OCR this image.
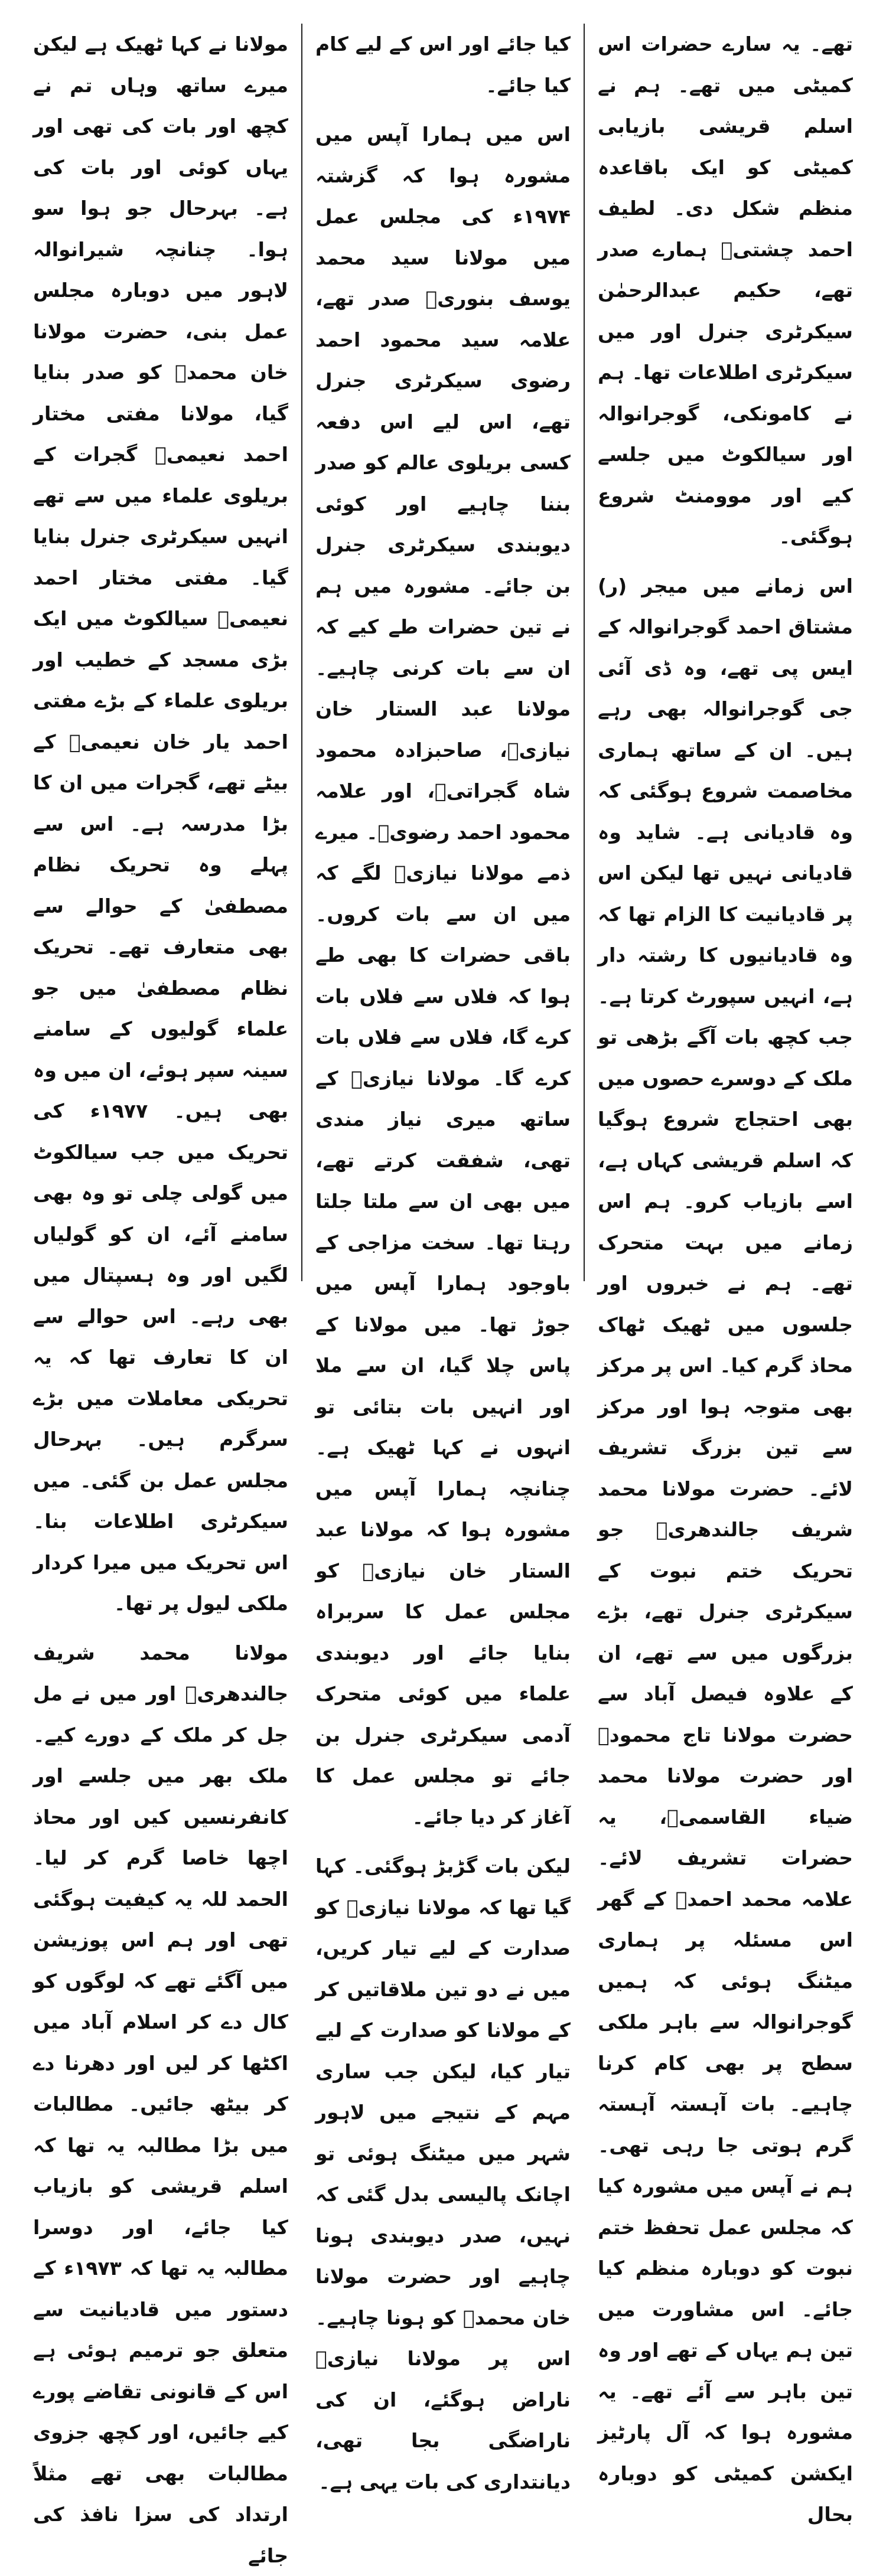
تھے۔ یہ سارے حضرات اس کمیٹی میں تھے۔ ہم نے اسلم قریشی بازیابی کمیٹی کو ایک باقاعدہ منظم شکل دی۔ لطیف احمد چشتیؒ ہمارے صدر تھے، حکیم عبدالرحمٰن سیکرٹری جنرل اور میں سیکرٹری اطلاعات تھا۔ ہم نے کامونکی، گوجرانوالہ اور سیالکوٹ میں جلسے کیے اور موومنٹ شروع ہوگئی۔

اس زمانے میں میجر (ر) مشتاق احمد گوجرانوالہ کے ایس پی تھے، وہ ڈی آئی جی گوجرانوالہ بھی رہے ہیں۔ ان کے ساتھ ہماری مخاصمت شروع ہوگئی کہ وہ قادیانی ہے۔ شاید وہ قادیانی نہیں تھا لیکن اس پر قادیانیت کا الزام تھا کہ وہ قادیانیوں کا رشتہ دار ہے، انہیں سپورٹ کرتا ہے۔ جب کچھ بات آگے بڑھی تو ملک کے دوسرے حصوں میں بھی احتجاج شروع ہوگیا کہ اسلم قریشی کہاں ہے، اسے بازیاب کرو۔ ہم اس زمانے میں بہت متحرک تھے۔ ہم نے خبروں اور جلسوں میں ٹھیک ٹھاک محاذ گرم کیا۔ اس پر مرکز بھی متوجہ ہوا اور مرکز سے تین بزرگ تشریف لائے۔ حضرت مولانا محمد شریف جالندھریؒ جو تحریک ختم نبوت کے سیکرٹری جنرل تھے، بڑے بزرگوں میں سے تھے، ان کے علاوہ فیصل آباد سے حضرت مولانا تاج محمودؒ اور حضرت مولانا محمد ضیاء القاسمیؒ، یہ حضرات تشریف لائے۔ علامہ محمد احمدؒ کے گھر اس مسئلہ پر ہماری میٹنگ ہوئی کہ ہمیں گوجرانوالہ سے باہر ملکی سطح پر بھی کام کرنا چاہیے۔ بات آہستہ آہستہ گرم ہوتی جا رہی تھی۔ ہم نے آپس میں مشورہ کیا کہ مجلس عمل تحفظ ختم نبوت کو دوبارہ منظم کیا جائے۔ اس مشاورت میں تین ہم یہاں کے تھے اور وہ تین باہر سے آئے تھے۔ یہ مشورہ ہوا کہ آل پارٹیز ایکشن کمیٹی کو دوبارہ بحال

کیا جائے اور اس کے لیے کام کیا جائے۔

اس میں ہمارا آپس میں مشورہ ہوا کہ گزشتہ ۱۹۷۴ء کی مجلس عمل میں مولانا سید محمد یوسف بنوریؒ صدر تھے، علامہ سید محمود احمد رضوی سیکرٹری جنرل تھے، اس لیے اس دفعہ کسی بریلوی عالم کو صدر بننا چاہیے اور کوئی دیوبندی سیکرٹری جنرل بن جائے۔ مشورہ میں ہم نے تین حضرات طے کیے کہ ان سے بات کرنی چاہیے۔ مولانا عبد الستار خان نیازیؒ، صاحبزادہ محمود شاہ گجراتیؒ، اور علامہ محمود احمد رضویؒ۔ میرے ذمے مولانا نیازیؒ لگے کہ میں ان سے بات کروں۔ باقی حضرات کا بھی طے ہوا کہ فلاں سے فلاں بات کرے گا، فلاں سے فلاں بات کرے گا۔ مولانا نیازیؒ کے ساتھ میری نیاز مندی تھی، شفقت کرتے تھے، میں بھی ان سے ملتا جلتا رہتا تھا۔ سخت مزاجی کے باوجود ہمارا آپس میں جوڑ تھا۔ میں مولانا کے پاس چلا گیا، ان سے ملا اور انہیں بات بتائی تو انہوں نے کہا ٹھیک ہے۔ چنانچہ ہمارا آپس میں مشورہ ہوا کہ مولانا عبد الستار خان نیازیؒ کو مجلس عمل کا سربراہ بنایا جائے اور دیوبندی علماء میں کوئی متحرک آدمی سیکرٹری جنرل بن جائے تو مجلس عمل کا آغاز کر دیا جائے۔

لیکن بات گڑبڑ ہوگئی۔ کہا گیا تھا کہ مولانا نیازیؒ کو صدارت کے لیے تیار کریں، میں نے دو تین ملاقاتیں کر کے مولانا کو صدارت کے لیے تیار کیا، لیکن جب ساری مہم کے نتیجے میں لاہور شہر میں میٹنگ ہوئی تو اچانک پالیسی بدل گئی کہ نہیں، صدر دیوبندی ہونا چاہیے اور حضرت مولانا خان محمدؒ کو ہونا چاہیے۔ اس پر مولانا نیازیؒ ناراض ہوگئے، ان کی ناراضگی بجا تھی، دیانتداری کی بات یہی ہے۔

مولانا نے کہا ٹھیک ہے لیکن میرے ساتھ وہاں تم نے کچھ اور بات کی تھی اور یہاں کوئی اور بات کی ہے۔ بہرحال جو ہوا سو ہوا۔ چنانچہ شیرانوالہ لاہور میں دوبارہ مجلس عمل بنی، حضرت مولانا خان محمدؒ کو صدر بنایا گیا، مولانا مفتی مختار احمد نعیمیؒ گجرات کے بریلوی علماء میں سے تھے انہیں سیکرٹری جنرل بنایا گیا۔ مفتی مختار احمد نعیمیؒ سیالکوٹ میں ایک بڑی مسجد کے خطیب اور بریلوی علماء کے بڑے مفتی احمد یار خان نعیمیؒ کے بیٹے تھے، گجرات میں ان کا بڑا مدرسہ ہے۔ اس سے پہلے وہ تحریک نظام مصطفیٰ کے حوالے سے بھی متعارف تھے۔ تحریک نظام مصطفیٰ میں جو علماء گولیوں کے سامنے سینہ سپر ہوئے، ان میں وہ بھی ہیں۔ ۱۹۷۷ء کی تحریک میں جب سیالکوٹ میں گولی چلی تو وہ بھی سامنے آئے، ان کو گولیاں لگیں اور وہ ہسپتال میں بھی رہے۔ اس حوالے سے ان کا تعارف تھا کہ یہ تحریکی معاملات میں بڑے سرگرم ہیں۔ بہرحال مجلس عمل بن گئی۔ میں سیکرٹری اطلاعات بنا۔ اس تحریک میں میرا کردار ملکی لیول پر تھا۔

مولانا محمد شریف جالندھریؒ اور میں نے مل جل کر ملک کے دورے کیے۔ ملک بھر میں جلسے اور کانفرنسیں کیں اور محاذ اچھا خاصا گرم کر لیا۔ الحمد للہ یہ کیفیت ہوگئی تھی اور ہم اس پوزیشن میں آگئے تھے کہ لوگوں کو کال دے کر اسلام آباد میں اکٹھا کر لیں اور دھرنا دے کر بیٹھ جائیں۔ مطالبات میں بڑا مطالبہ یہ تھا کہ اسلم قریشی کو بازیاب کیا جائے، اور دوسرا مطالبہ یہ تھا کہ ۱۹۷۳ء کے دستور میں قادیانیت سے متعلق جو ترمیم ہوئی ہے اس کے قانونی تقاضے پورے کیے جائیں، اور کچھ جزوی مطالبات بھی تھے مثلاً ارتداد کی سزا نافذ کی جائے
